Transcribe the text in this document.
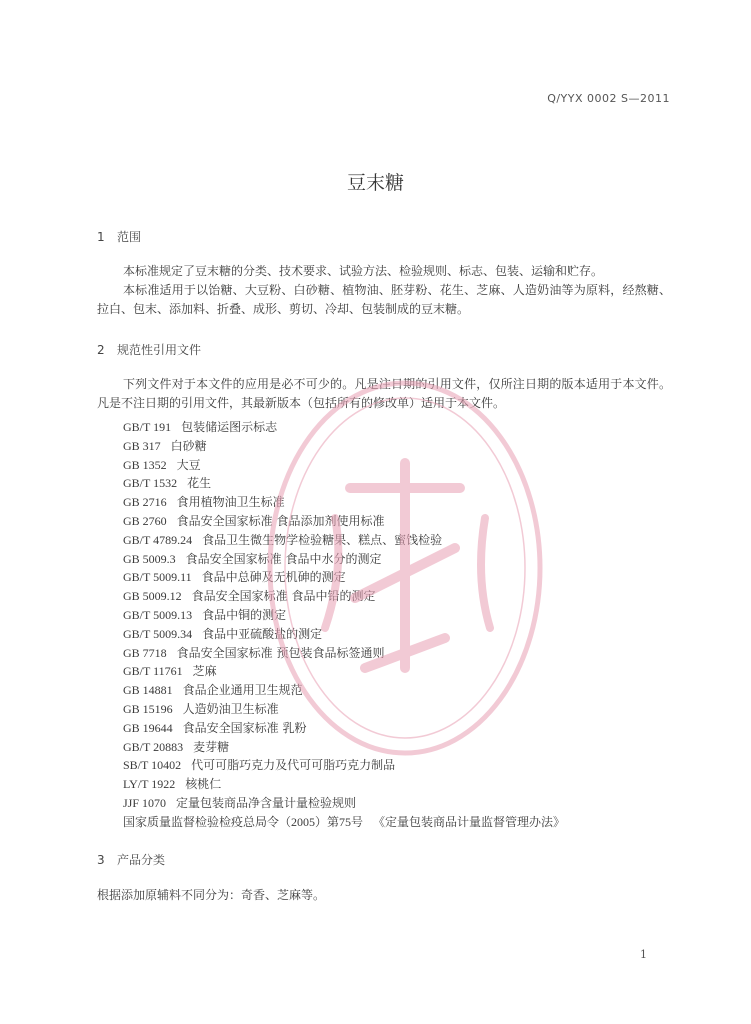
Q/YYX 0002 S—2011
豆末糖
1 范围
本标准规定了豆末糖的分类、技术要求、试验方法、检验规则、标志、包装、运输和贮存。
本标准适用于以饴糖、大豆粉、白砂糖、植物油、胚芽粉、花生、芝麻、人造奶油等为原料，经熬糖、拉白、包末、添加料、折叠、成形、剪切、冷却、包装制成的豆末糖。
2 规范性引用文件
下列文件对于本文件的应用是必不可少的。凡是注日期的引用文件，仅所注日期的版本适用于本文件。凡是不注日期的引用文件，其最新版本（包括所有的修改单）适用于本文件。
GB/T 191 包装储运图示标志
GB 317 白砂糖
GB 1352 大豆
GB/T 1532 花生
GB 2716 食用植物油卫生标准
GB 2760 食品安全国家标准 食品添加剂使用标准
GB/T 4789.24 食品卫生微生物学检验糖果、糕点、蜜饯检验
GB 5009.3 食品安全国家标准 食品中水分的测定
GB/T 5009.11 食品中总砷及无机砷的测定
GB 5009.12 食品安全国家标准 食品中铅的测定
GB/T 5009.13 食品中铜的测定
GB/T 5009.34 食品中亚硫酸盐的测定
GB 7718 食品安全国家标准 预包装食品标签通则
GB/T 11761 芝麻
GB 14881 食品企业通用卫生规范
GB 15196 人造奶油卫生标准
GB 19644 食品安全国家标准 乳粉
GB/T 20883 麦芽糖
SB/T 10402 代可可脂巧克力及代可可脂巧克力制品
LY/T 1922 核桃仁
JJF 1070 定量包装商品净含量计量检验规则
国家质量监督检验检疫总局令（2005）第75号 《定量包装商品计量监督管理办法》
3 产品分类
根据添加原辅料不同分为：奇香、芝麻等。
1
